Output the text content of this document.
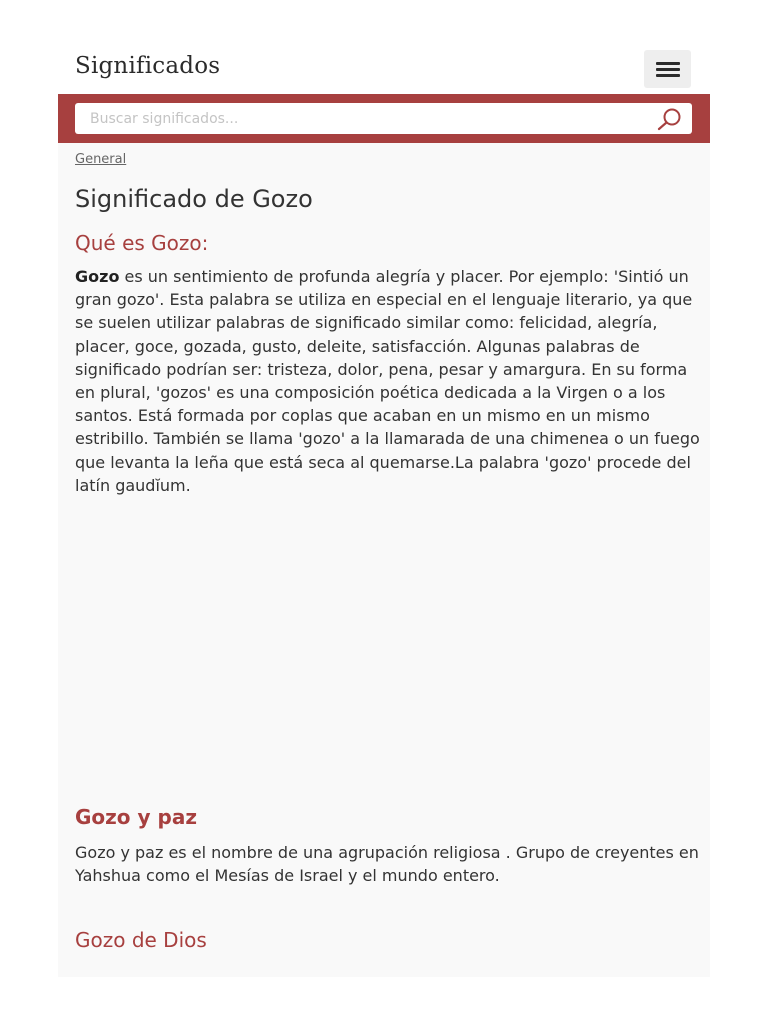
Significados
Buscar significados...
General
Significado de Gozo
Qué es Gozo:

Gozo es un sentimiento de profunda alegría y placer. Por ejemplo: 'Sintió un gran gozo'. Esta palabra se utiliza en especial en el lenguaje literario, ya que se suelen utilizar palabras de significado similar como: felicidad, alegría, placer, goce, gozada, gusto, deleite, satisfacción. Algunas palabras de significado podrían ser: tristeza, dolor, pena, pesar y amargura. En su forma en plural, 'gozos' es una composición poética dedicada a la Virgen o a los santos. Está formada por coplas que acaban en un mismo en un mismo estribillo. También se llama 'gozo' a la llamarada de una chimenea o un fuego que levanta la leña que está seca al quemarse.La palabra 'gozo' procede del latín gaudĭum.

Gozo y paz

Gozo y paz es el nombre de una agrupación religiosa . Grupo de creyentes en Yahshua como el Mesías de Israel y el mundo entero.

Gozo de Dios
